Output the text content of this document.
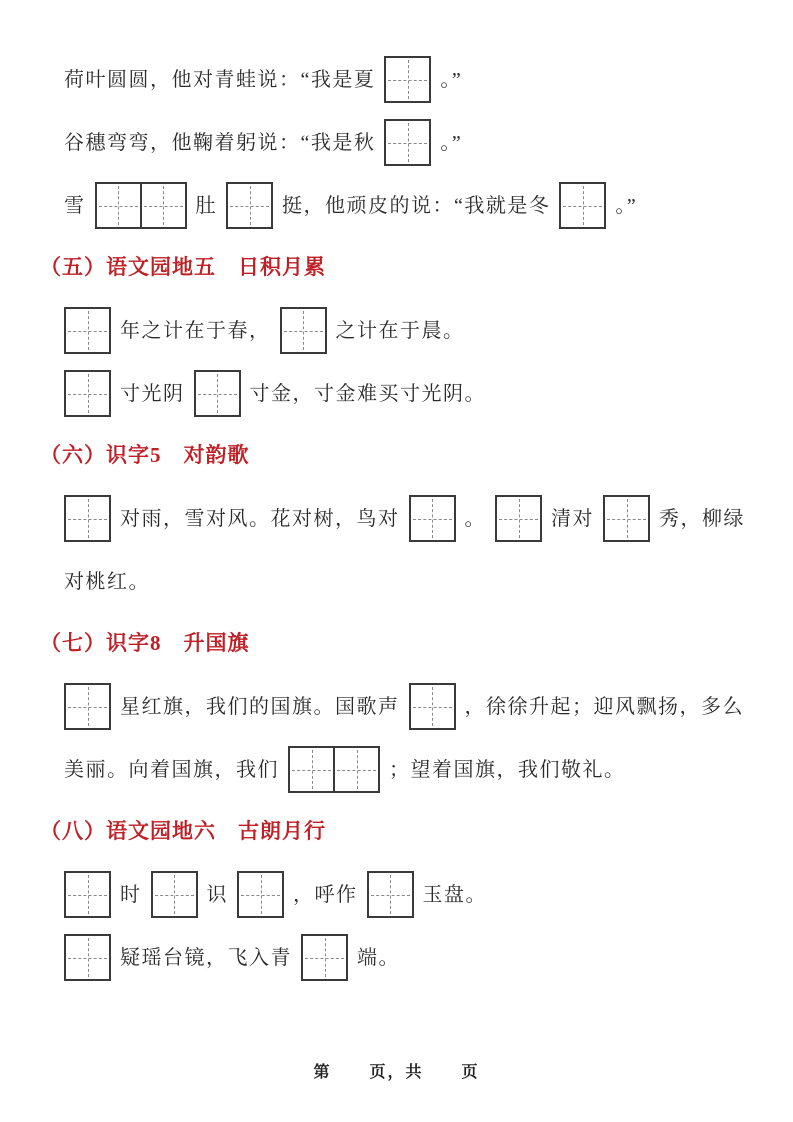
荷叶圆圆，他对青蛙说：“我是夏	。”
谷穗弯弯，他鞠着躬说：“我是秋	。”
雪	肚	挺，他顽皮的说：“我就是冬	。”
（五）语文园地五　日积月累
年之计在于春，	之计在于晨。
寸光阴	寸金，寸金难买寸光阴。
（六）识字5　对韵歌
对雨，雪对风。花对树，鸟对	。	清对	秀，柳绿
对桃红。
（七）识字8　升国旗
星红旗，我们的国旗。国歌声	，徐徐升起；迎风飘扬，多么
美丽。向着国旗，我们	；望着国旗，我们敬礼。
（八）语文园地六　古朗月行
时	识	，呼作	玉盘。
疑瑶台镜，飞入青	端。
第 页，共 页
